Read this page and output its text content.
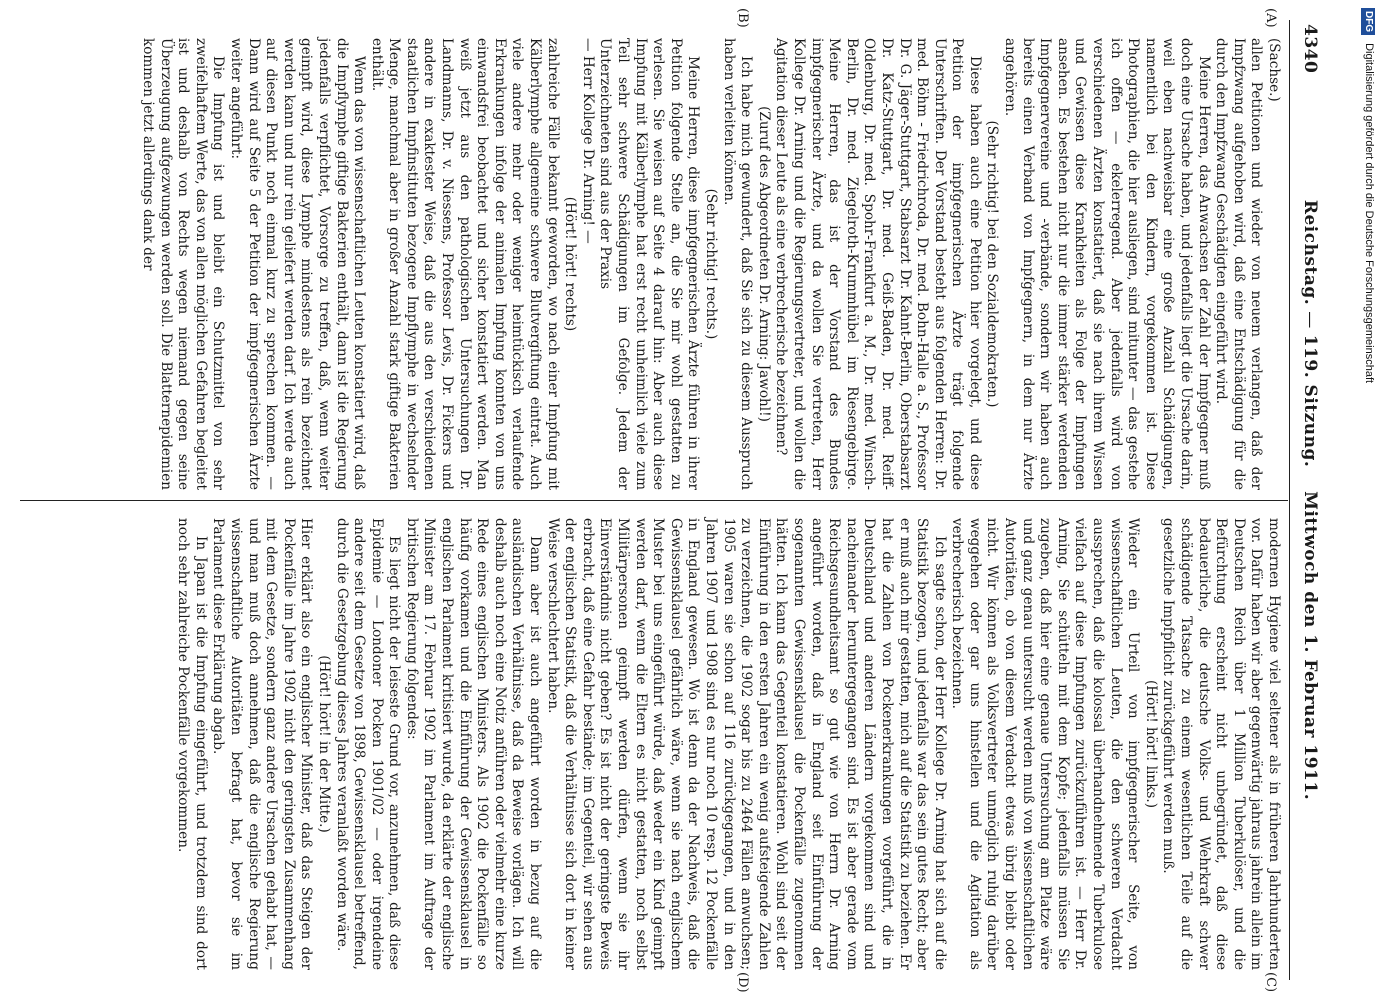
4340
Reichstag.—119. Sitzung.  Mittwoch den 1. Februar 1911.
(A)
(B)
(C)
(D)

(Sachse.)

allen Petitionen und wieder von neuem verlangen, daß der Impfzwang aufgehoben wird, daß eine Entschädigung für die durch den Impfzwang Geschädigten eingeführt wird.

Meine Herren, das Anwachsen der Zahl der Impfgegner muß doch eine Ursache haben, und jedenfalls liegt die Ursache darin, weil eben nachweisbar eine große Anzahl Schädigungen, namentlich bei den Kindern, vorgekommen ist. Diese Photographien, die hier ausliegen, sind mitunter — das gestehe ich offen — ekelerregend. Aber jedenfalls wird von verschiedenen Ärzten konstatiert, daß sie nach ihrem Wissen und Gewissen diese Krankheiten als Folge der Impfungen ansehen. Es bestehen nicht nur die immer stärker werdenden Impfgegnervereine und -verbände, sondern wir haben auch bereits einen Verband von Impfgegnern, in dem nur Ärzte angehören.

(Sehr richtig! bei den Sozialdemokraten.)

Diese haben auch eine Petition hier vorgelegt, und diese Petition der impfgegnerischen Ärzte trägt folgende Unterschriften. Der Vorstand besteht aus folgenden Herren: Dr. med. Böhm - Friedrichroda, Dr. med. Bohn-Halle a. S., Professor Dr. G. Jäger-Stuttgart, Stabsarzt Dr. Kahnt-Berlin, Oberstabsarzt Dr. Katz-Stuttgart, Dr. med. Geiß-Baden, Dr. med. Reiff-Oldenburg, Dr. med. Spohr-Frankfurt a. M., Dr. med. Winsch-Berlin, Dr. med. Ziegelroth-Krummhübel im Riesengebirge. Meine Herren, das ist der Vorstand des Bundes impfgegnerischer Ärzte, und da wollen Sie vertreten, Herr Kollege Dr. Arning und die Regierungsvertreter, und wollen die Agitation dieser Leute als eine verbrecherische bezeichnen?

(Zuruf des Abgeordneten Dr. Arning: Jawohl!)

Ich habe mich gewundert, daß Sie sich zu diesem Ausspruch haben verleiten können.

(Sehr richtig! rechts.)

Meine Herren, diese impfgegnerischen Ärzte führen in ihrer Petition folgende Stelle an, die Sie mir wohl gestatten zu verlesen. Sie weisen auf Seite 4 darauf hin: Aber auch diese Impfung mit Kälberlymphe hat erst recht unheimlich viele zum Teil sehr schwere Schädigungen im Gefolge. Jedem der Unterzeichneten sind aus der Praxis

— Herr Kollege Dr. Arning! —

(Hört! hört! rechts)

zahlreiche Fälle bekannt geworden, wo nach einer Impfung mit Kälberlymphe allgemeine schwere Blutvergiftung eintrat. Auch viele andere mehr oder weniger heimtückisch verlaufende Erkrankungen infolge der animalen Impfung konnten von uns einwandsfrei beobachtet und sicher konstatiert werden. Man weiß jetzt aus den pathologischen Untersuchungen Dr. Landmanns, Dr. v. Niessens, Professor Levis, Dr. Fickers und andere in exaktester Weise, daß die aus den verschiedenen staatlichen Impfinstituten bezogene Impflymphe in wechselnder Menge, manchmal aber in großer Anzahl stark giftige Bakterien enthält.

Wenn das von wissenschaftlichen Leuten konstatiert wird, daß die Impflymphe giftige Bakterien enthält, dann ist die Regierung jedenfalls verpflichtet, Vorsorge zu treffen, daß, wenn weiter geimpft wird, diese Lymphe mindestens als rein bezeichnet werden kann und nur rein geliefert werden darf. Ich werde auch auf diesen Punkt noch einmal kurz zu sprechen kommen. — Dann wird auf Seite 5 der Petition der impfgegnerischen Ärzte weiter angeführt:

Die Impfung ist und bleibt ein Schutzmittel von sehr zweifelhaftem Werte, das von allen möglichen Gefahren begleitet ist und deshalb von Rechts wegen niemand gegen seine Überzeugung aufgezwungen werden soll. Die Blatternepidemien kommen jetzt allerdings dank der

modernen Hygiene viel seltener als in früheren Jahrhunderten vor. Dafür haben wir aber gegenwärtig jahraus jahrein allein im Deutschen Reich über 1 Million Tuberkulöser, und die Befürchtung erscheint nicht unbegründet, daß diese bedauerliche, die deutsche Volks- und Wehrkraft schwer schädigende Tatsache zu einem wesentlichen Teile auf die gesetzliche Impfpflicht zurückgeführt werden muß.

(Hört! hört! links.)

Wieder ein Urteil von impfgegnerischer Seite, von wissenschaftlichen Leuten, die den schweren Verdacht aussprechen, daß die kolossal überhandnehmende Tuberkulose vielfach auf diese Impfungen zurückzuführen ist. — Herr Dr. Arning, Sie schütteln mit dem Kopfe; jedenfalls müssen Sie zugeben, daß hier eine genaue Untersuchung am Platze wäre und ganz genau untersucht werden muß von wissenschaftlichen Autoritäten, ob von diesem Verdacht etwas übrig bleibt oder nicht. Wir können als Volksvertreter unmöglich ruhig darüber weggehen oder gar uns hinstellen und die Agitation als verbrecherisch bezeichnen.

Ich sagte schon, der Herr Kollege Dr. Arning hat sich auf die Statistik bezogen, und jedenfalls war das sein gutes Recht; aber er muß auch mir gestatten, mich auf die Statistik zu beziehen. Er hat die Zahlen von Pockenerkrankungen vorgeführt, die in Deutschland und anderen Ländern vorgekommen sind und nacheinander heruntergegangen sind. Es ist aber gerade vom Reichsgesundheitsamt so gut wie von Herrn Dr. Arning angeführt worden, daß in England seit Einführung der sogenannten Gewissensklausel die Pockenfälle zugenommen hätten. Ich kann das Gegenteil konstatieren. Wohl sind seit der Einführung in den ersten Jahren ein wenig aufsteigende Zahlen zu verzeichnen, die 1902 sogar bis zu 2464 Fällen anwuchsen; 1905 waren sie schon auf 116 zurückgegangen, und in den Jahren 1907 und 1908 sind es nur noch 10 resp. 12 Pockenfälle in England gewesen. Wo ist denn da der Nachweis, daß die Gewissensklausel gefährlich wäre, wenn sie nach englischem Muster bei uns eingeführt würde, daß weder ein Kind geimpft werden darf, wenn die Eltern es nicht gestatten, noch selbst Militärpersonen geimpft werden dürfen, wenn sie ihr Einverständnis nicht geben? Es ist nicht der geringste Beweis erbracht, daß eine Gefahr bestände; im Gegenteil, wir sehen aus der englischen Statistik, daß die Verhältnisse sich dort in keiner Weise verschlechtert haben.

Dann aber ist auch angeführt worden in bezug auf die ausländischen Verhältnisse, daß da Beweise vorlägen. Ich will deshalb auch noch eine Notiz anführen oder vielmehr eine kurze Rede eines englischen Ministers. Als 1902 die Pockenfälle so häufig vorkamen und die Einführung der Gewissensklausel in englischen Parlament kritisiert wurde, da erklärte der englische Minister am 17. Februar 1902 im Parlament im Auftrage der britischen Regierung folgendes:

Es liegt nicht der leiseste Grund vor, anzunehmen, daß diese Epidemie — Londoner Pocken 1901/02 — oder irgendeine andere seit dem Gesetze von 1898, Gewissensklausel betreffend, durch die Gesetzgebung dieses Jahres veranlaßt worden wäre.

(Hört! hört! in der Mitte.)

Hier erklärt also ein englischer Minister, daß das Steigen der Pockenfälle im Jahre 1902 nicht den geringsten Zusammenhang mit dem Gesetze, sondern ganz andere Ursachen gehabt hat, — und man muß doch annehmen, daß die englische Regierung wissenschaftliche Autoritäten befragt hat, bevor sie im Parlament diese Erklärung abgab.

In Japan ist die Impfung eingeführt, und trotzdem sind dort noch sehr zahlreiche Pockenfälle vorgekommen.

DFGDigitalisierung gefördert durch die Deutsche Forschungsgemeinschaft
